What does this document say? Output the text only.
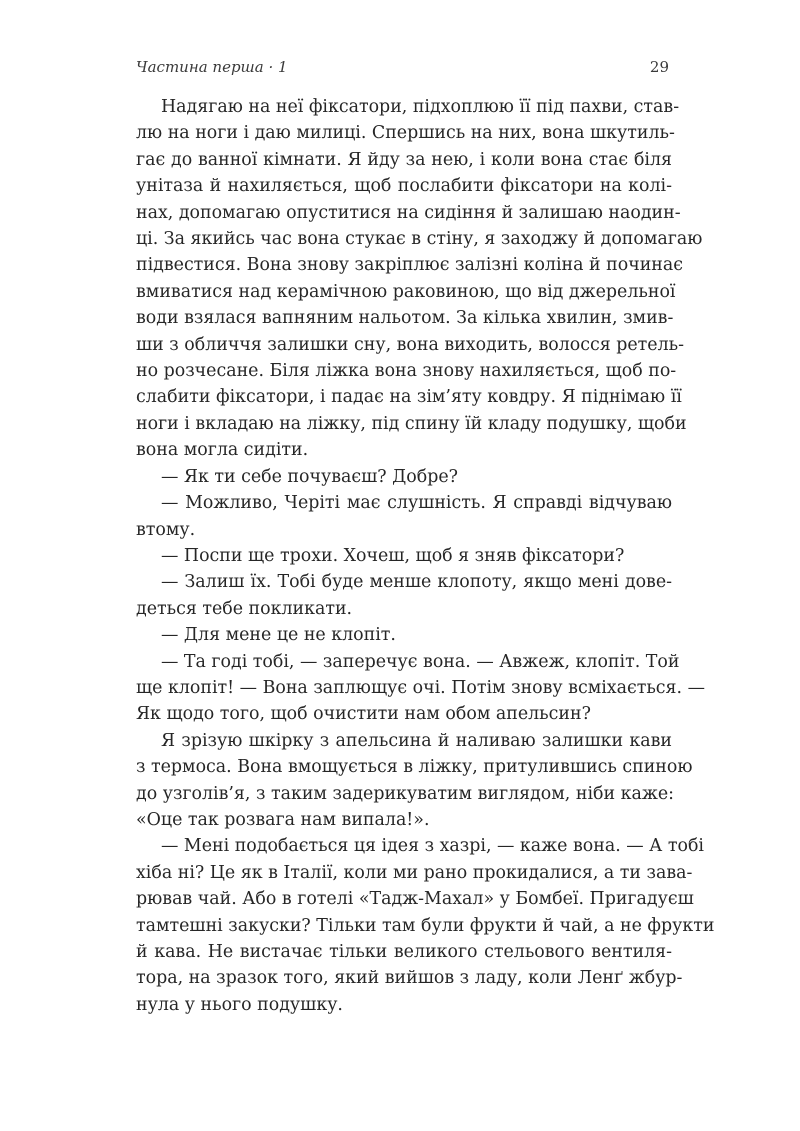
Частина перша · 1	29
Надягаю на неї фіксатори, підхоплюю її під пахви, став-
лю на ноги і даю милиці. Спершись на них, вона шкутиль-
гає до ванної кімнати. Я йду за нею, і коли вона стає біля
унітаза й нахиляється, щоб послабити фіксатори на колі-
нах, допомагаю опуститися на сидіння й залишаю наодин-
ці. За якийсь час вона стукає в стіну, я заходжу й допомагаю
підвестися. Вона знову закріплює залізні коліна й починає
вмиватися над керамічною раковиною, що від джерельної
води взялася вапняним нальотом. За кілька хвилин, змив-
ши з обличчя залишки сну, вона виходить, волосся ретель-
но розчесане. Біля ліжка вона знову нахиляється, щоб по-
слабити фіксатори, і падає на зім’яту ковдру. Я піднімаю її
ноги і вкладаю на ліжку, під спину їй кладу подушку, щоби
вона могла сидіти.
— Як ти себе почуваєш? Добре?
— Можливо, Черіті має слушність. Я справді відчуваю
втому.
— Поспи ще трохи. Хочеш, щоб я зняв фіксатори?
— Залиш їх. Тобі буде менше клопоту, якщо мені дове-
деться тебе покликати.
— Для мене це не клопіт.
— Та годі тобі, — заперечує вона. — Авжеж, клопіт. Той
ще клопіт! — Вона заплющує очі. Потім знову всміхається. —
Як щодо того, щоб очистити нам обом апельсин?
Я зрізую шкірку з апельсина й наливаю залишки кави
з термоса. Вона вмощується в ліжку, притулившись спиною
до узголів’я, з таким задерикуватим виглядом, ніби каже:
«Оце так розвага нам випала!».
— Мені подобається ця ідея з хазрі, — каже вона. — А тобі
хіба ні? Це як в Італії, коли ми рано прокидалися, а ти зава-
рював чай. Або в готелі «Тадж-Махал» у Бомбеї. Пригадуєш
тамтешні закуски? Тільки там були фрукти й чай, а не фрукти
й кава. Не вистачає тільки великого стельового вентиля-
тора, на зразок того, який вийшов з ладу, коли Ленґ жбур-
нула у нього подушку.
